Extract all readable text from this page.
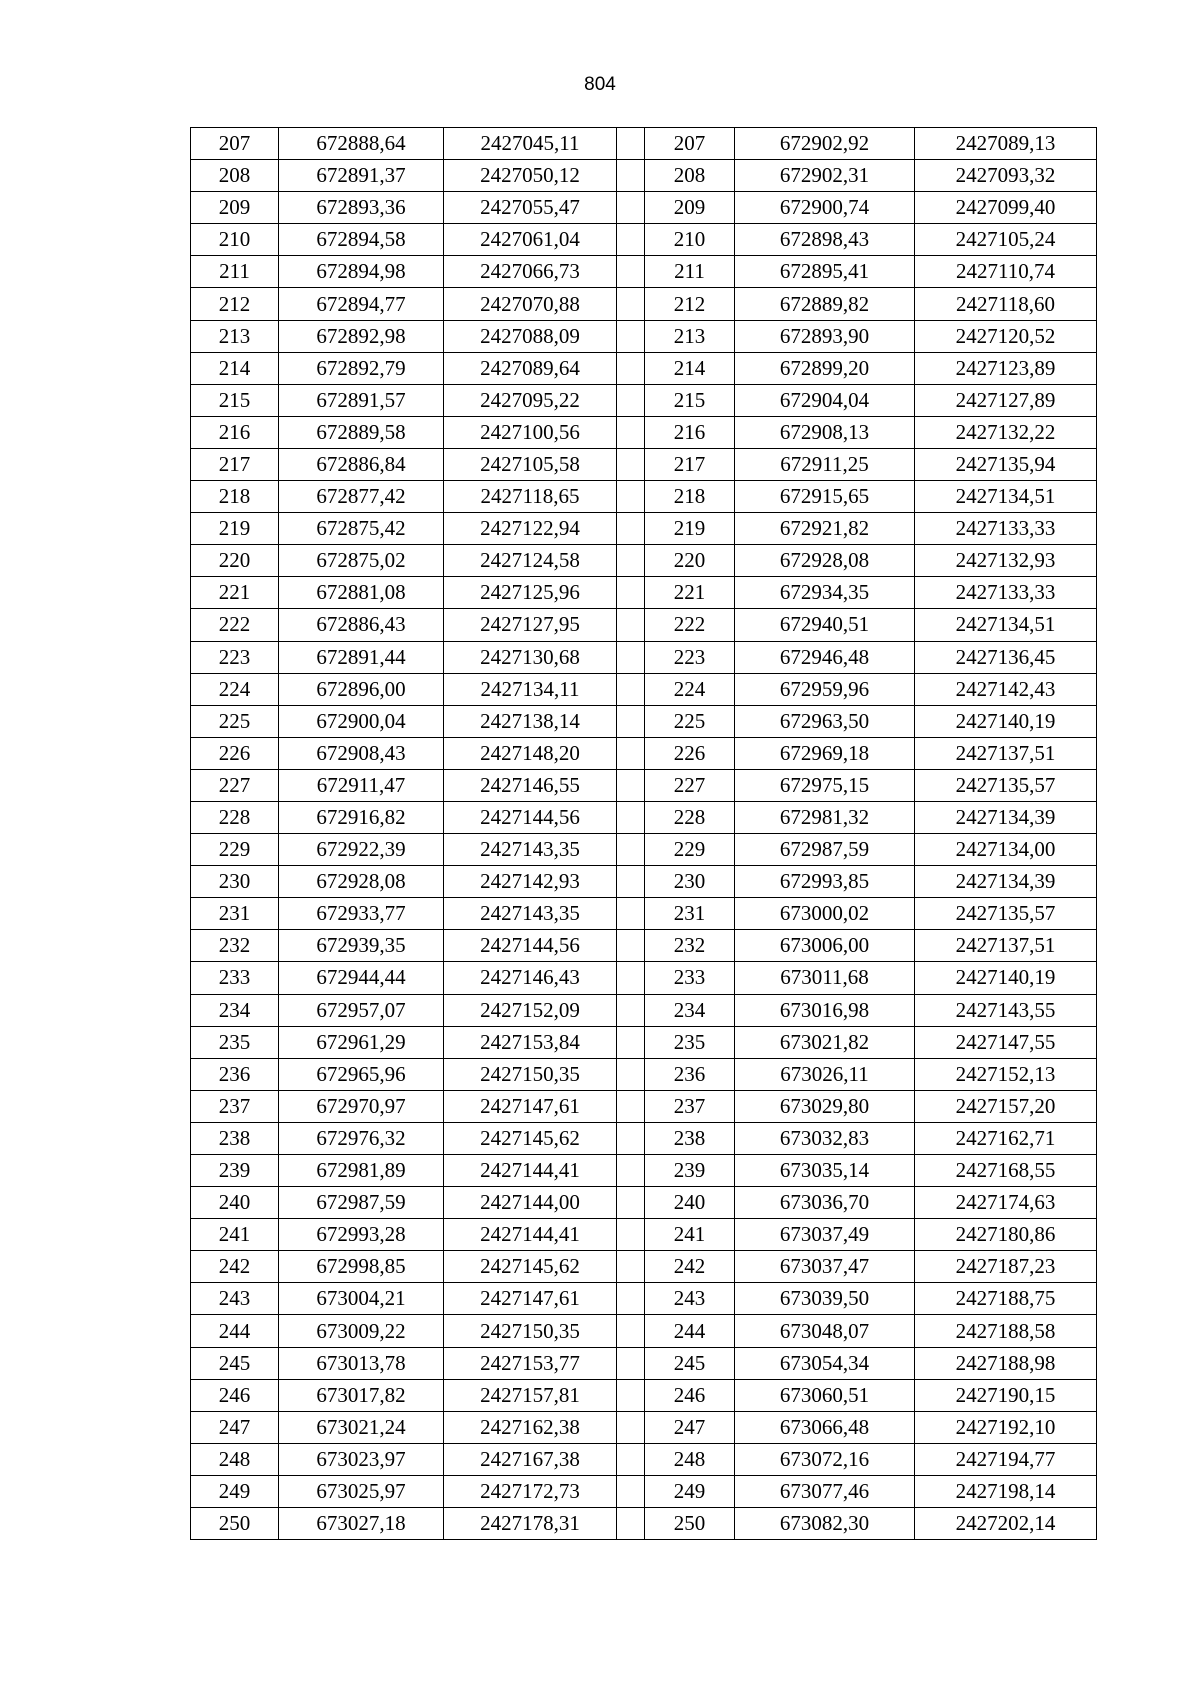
804
207	672888,64	2427045,11		207	672902,92	2427089,13
208	672891,37	2427050,12		208	672902,31	2427093,32
209	672893,36	2427055,47		209	672900,74	2427099,40
210	672894,58	2427061,04		210	672898,43	2427105,24
211	672894,98	2427066,73		211	672895,41	2427110,74
212	672894,77	2427070,88		212	672889,82	2427118,60
213	672892,98	2427088,09		213	672893,90	2427120,52
214	672892,79	2427089,64		214	672899,20	2427123,89
215	672891,57	2427095,22		215	672904,04	2427127,89
216	672889,58	2427100,56		216	672908,13	2427132,22
217	672886,84	2427105,58		217	672911,25	2427135,94
218	672877,42	2427118,65		218	672915,65	2427134,51
219	672875,42	2427122,94		219	672921,82	2427133,33
220	672875,02	2427124,58		220	672928,08	2427132,93
221	672881,08	2427125,96		221	672934,35	2427133,33
222	672886,43	2427127,95		222	672940,51	2427134,51
223	672891,44	2427130,68		223	672946,48	2427136,45
224	672896,00	2427134,11		224	672959,96	2427142,43
225	672900,04	2427138,14		225	672963,50	2427140,19
226	672908,43	2427148,20		226	672969,18	2427137,51
227	672911,47	2427146,55		227	672975,15	2427135,57
228	672916,82	2427144,56		228	672981,32	2427134,39
229	672922,39	2427143,35		229	672987,59	2427134,00
230	672928,08	2427142,93		230	672993,85	2427134,39
231	672933,77	2427143,35		231	673000,02	2427135,57
232	672939,35	2427144,56		232	673006,00	2427137,51
233	672944,44	2427146,43		233	673011,68	2427140,19
234	672957,07	2427152,09		234	673016,98	2427143,55
235	672961,29	2427153,84		235	673021,82	2427147,55
236	672965,96	2427150,35		236	673026,11	2427152,13
237	672970,97	2427147,61		237	673029,80	2427157,20
238	672976,32	2427145,62		238	673032,83	2427162,71
239	672981,89	2427144,41		239	673035,14	2427168,55
240	672987,59	2427144,00		240	673036,70	2427174,63
241	672993,28	2427144,41		241	673037,49	2427180,86
242	672998,85	2427145,62		242	673037,47	2427187,23
243	673004,21	2427147,61		243	673039,50	2427188,75
244	673009,22	2427150,35		244	673048,07	2427188,58
245	673013,78	2427153,77		245	673054,34	2427188,98
246	673017,82	2427157,81		246	673060,51	2427190,15
247	673021,24	2427162,38		247	673066,48	2427192,10
248	673023,97	2427167,38		248	673072,16	2427194,77
249	673025,97	2427172,73		249	673077,46	2427198,14
250	673027,18	2427178,31		250	673082,30	2427202,14
